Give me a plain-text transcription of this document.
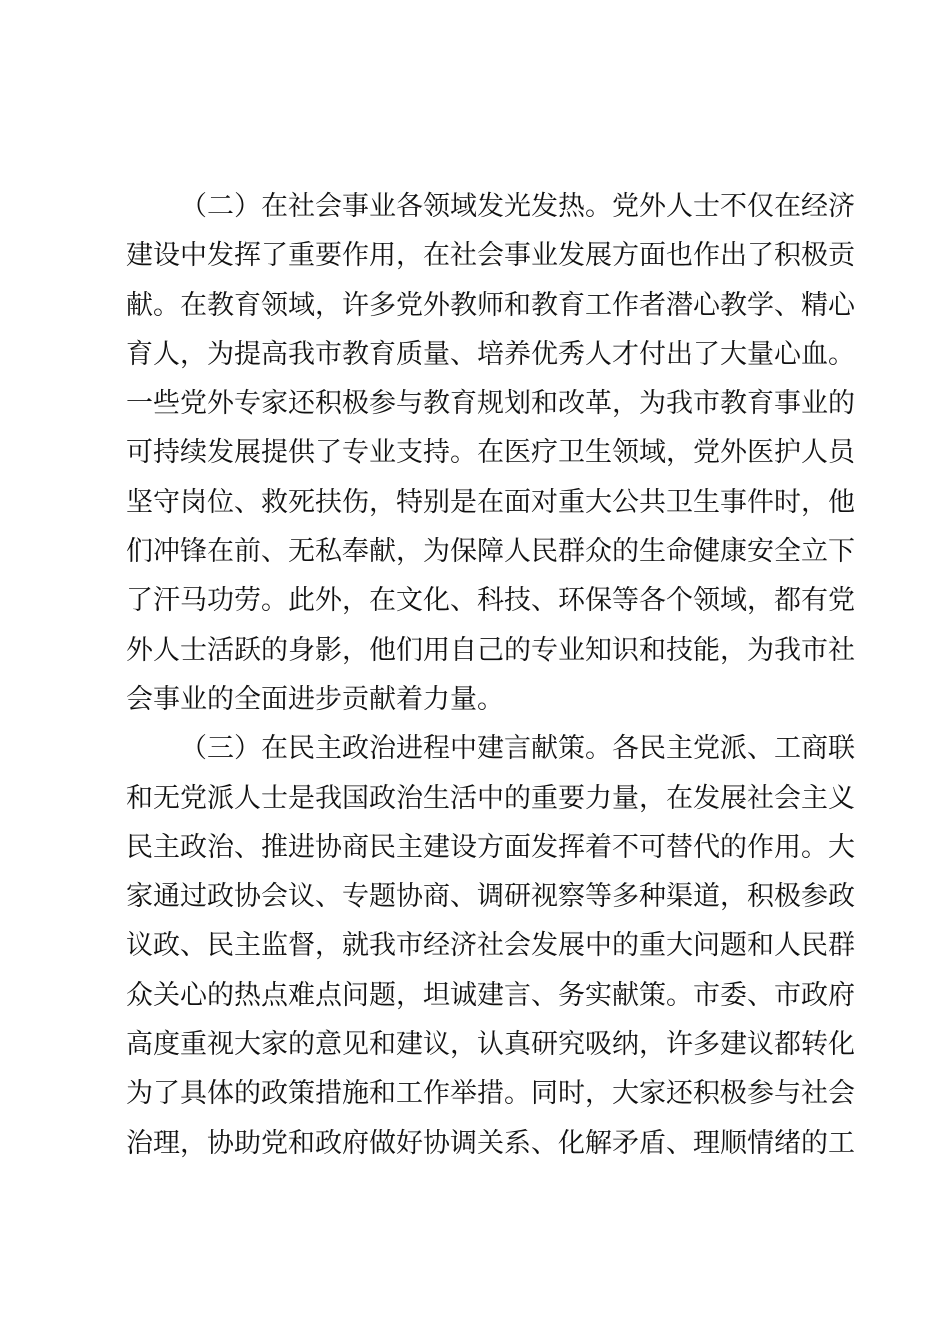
（二）在社会事业各领域发光发热。党外人士不仅在经济
建设中发挥了重要作用，在社会事业发展方面也作出了积极贡
献。在教育领域，许多党外教师和教育工作者潜心教学、精心
育人，为提高我市教育质量、培养优秀人才付出了大量心血。
一些党外专家还积极参与教育规划和改革，为我市教育事业的
可持续发展提供了专业支持。在医疗卫生领域，党外医护人员
坚守岗位、救死扶伤，特别是在面对重大公共卫生事件时，他
们冲锋在前、无私奉献，为保障人民群众的生命健康安全立下
了汗马功劳。此外，在文化、科技、环保等各个领域，都有党
外人士活跃的身影，他们用自己的专业知识和技能，为我市社
会事业的全面进步贡献着力量。
（三）在民主政治进程中建言献策。各民主党派、工商联
和无党派人士是我国政治生活中的重要力量，在发展社会主义
民主政治、推进协商民主建设方面发挥着不可替代的作用。大
家通过政协会议、专题协商、调研视察等多种渠道，积极参政
议政、民主监督，就我市经济社会发展中的重大问题和人民群
众关心的热点难点问题，坦诚建言、务实献策。市委、市政府
高度重视大家的意见和建议，认真研究吸纳，许多建议都转化
为了具体的政策措施和工作举措。同时，大家还积极参与社会
治理，协助党和政府做好协调关系、化解矛盾、理顺情绪的工
